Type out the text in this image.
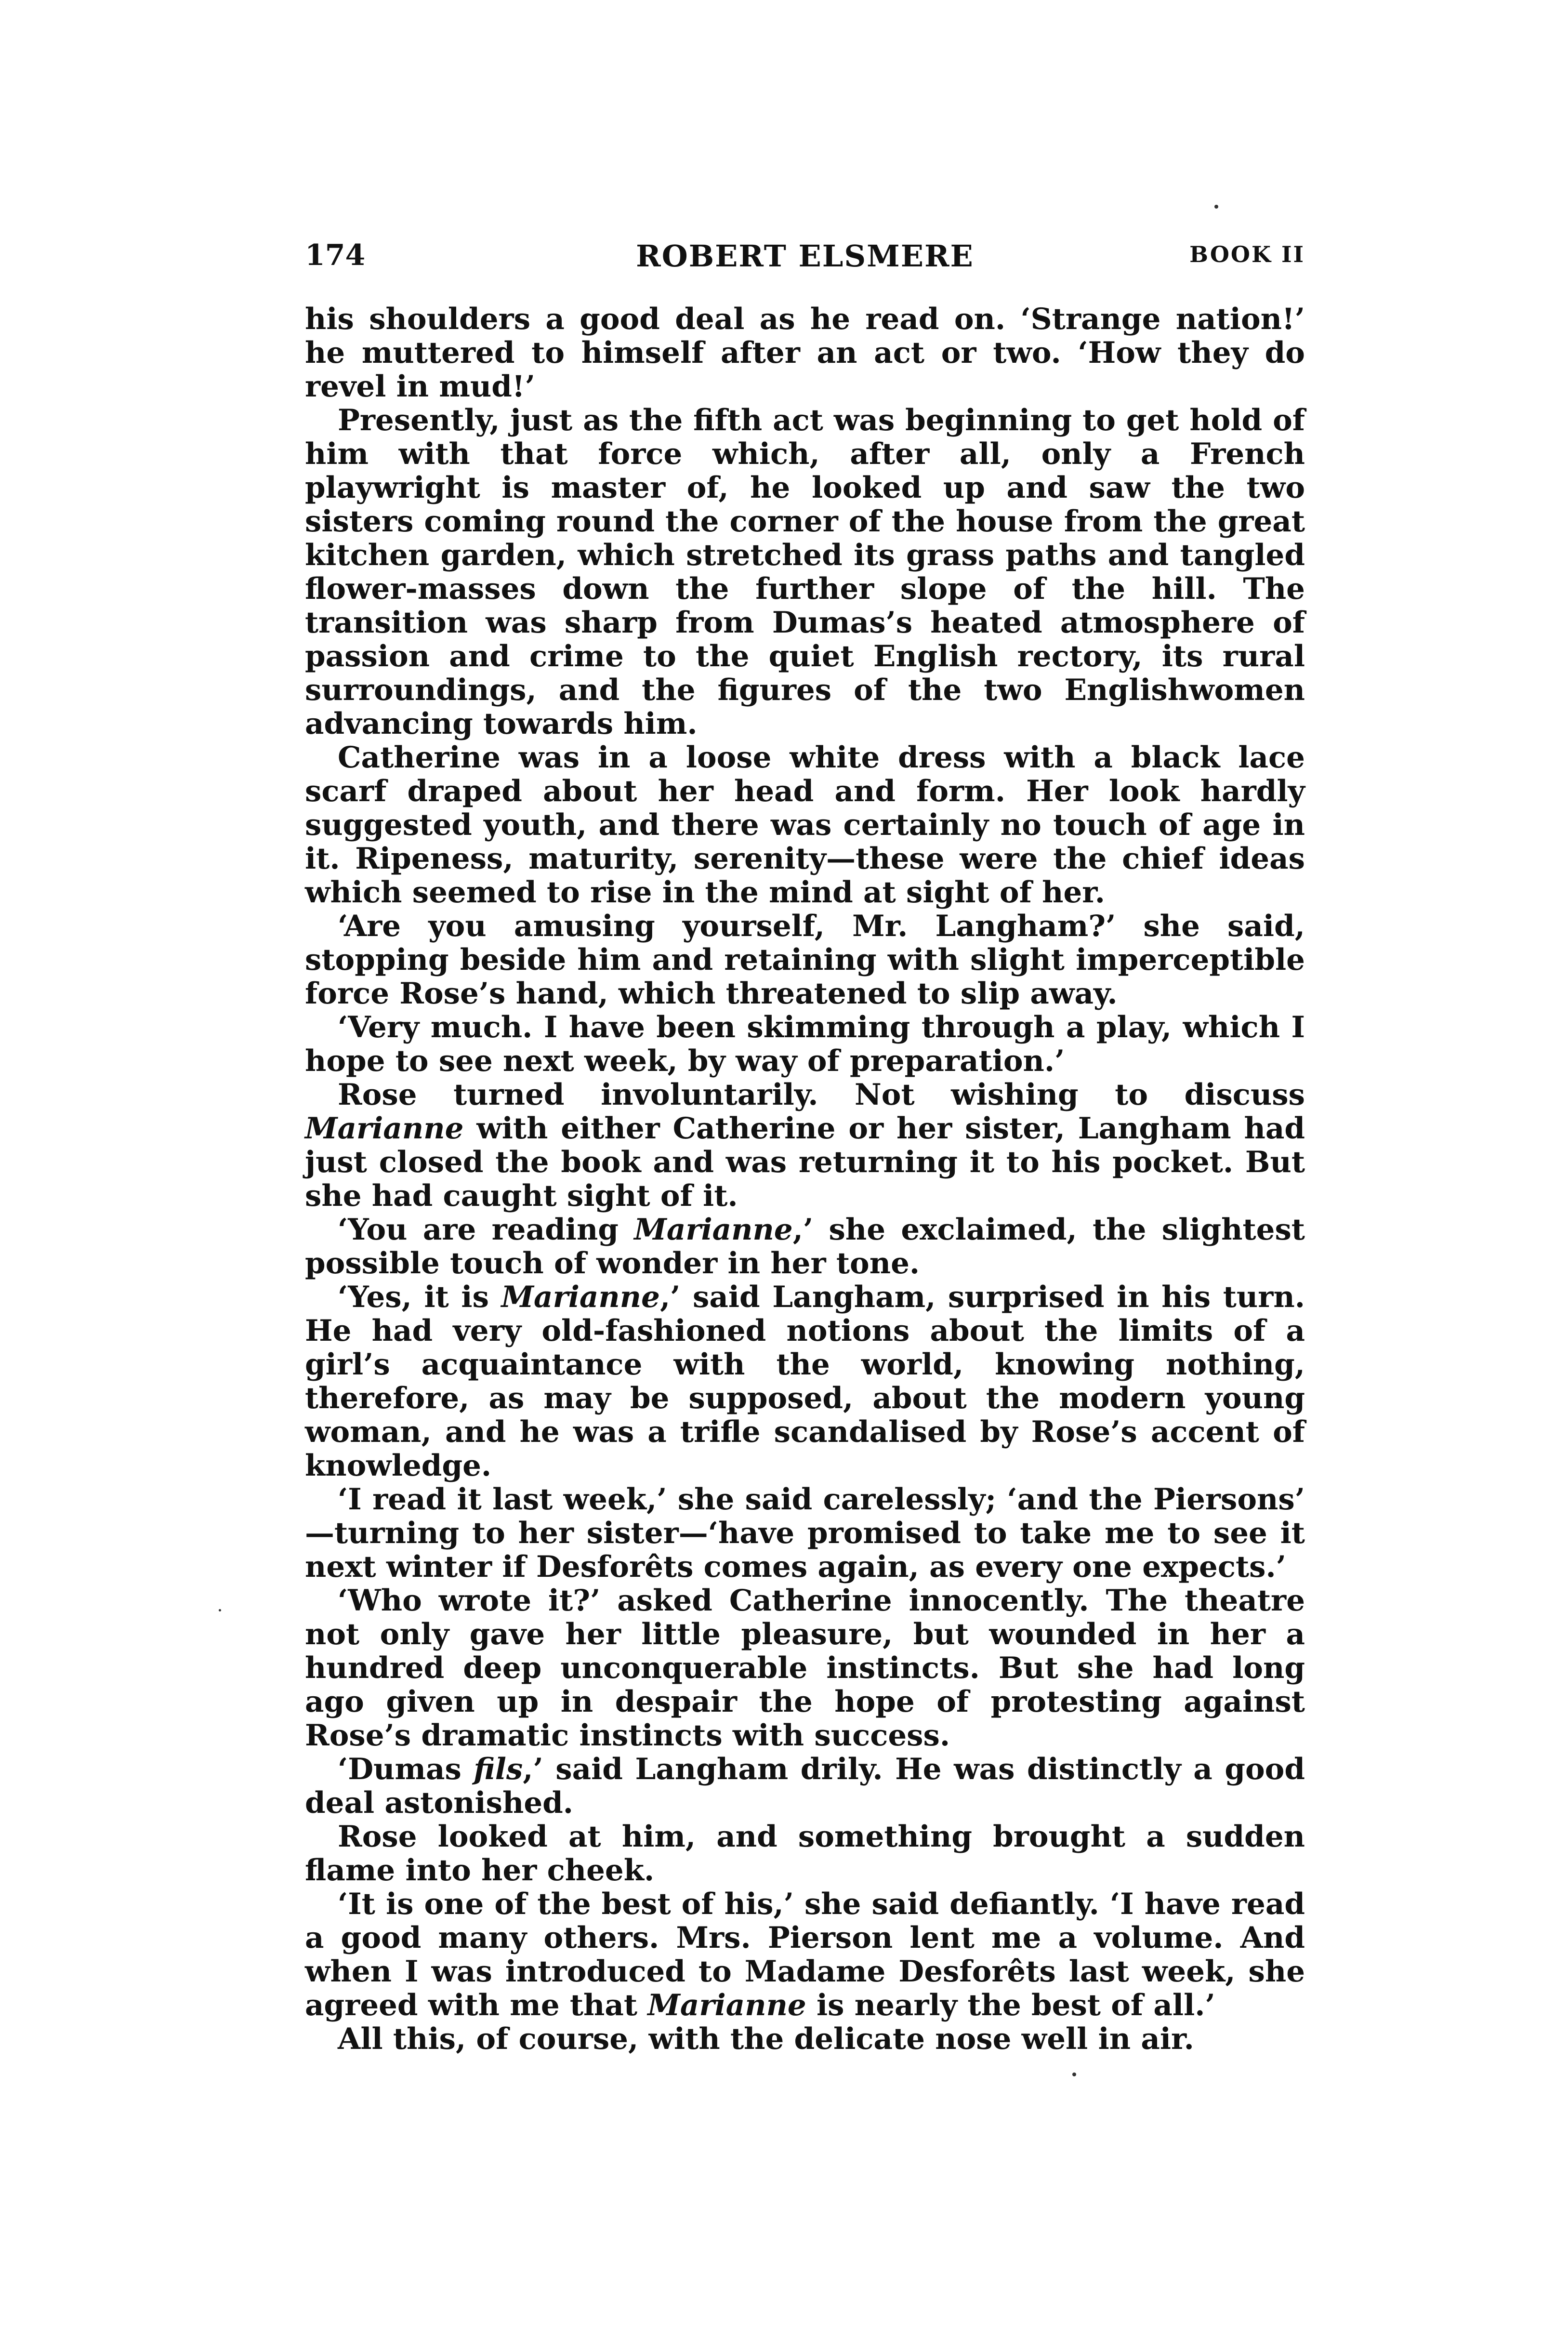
174	ROBERT ELSMERE	BOOK II

his shoulders a good deal as he read on. ‘Strange nation!’ he muttered to himself after an act or two. ‘How they do revel in mud!’

Presently, just as the fifth act was beginning to get hold of him with that force which, after all, only a French playwright is master of, he looked up and saw the two sisters coming round the corner of the house from the great kitchen garden, which stretched its grass paths and tangled flower-masses down the further slope of the hill. The transition was sharp from Dumas’s heated atmosphere of passion and crime to the quiet English rectory, its rural surroundings, and the figures of the two Englishwomen advancing towards him.

Catherine was in a loose white dress with a black lace scarf draped about her head and form. Her look hardly suggested youth, and there was certainly no touch of age in it. Ripeness, maturity, serenity—these were the chief ideas which seemed to rise in the mind at sight of her.

‘Are you amusing yourself, Mr. Langham?’ she said, stopping beside him and retaining with slight imperceptible force Rose’s hand, which threatened to slip away.

‘Very much. I have been skimming through a play, which I hope to see next week, by way of preparation.’

Rose turned involuntarily. Not wishing to discuss Marianne with either Catherine or her sister, Langham had just closed the book and was returning it to his pocket. But she had caught sight of it.

‘You are reading Marianne,’ she exclaimed, the slightest possible touch of wonder in her tone.

‘Yes, it is Marianne,’ said Langham, surprised in his turn. He had very old-fashioned notions about the limits of a girl’s acquaintance with the world, knowing nothing, therefore, as may be supposed, about the modern young woman, and he was a trifle scandalised by Rose’s accent of knowledge.

‘I read it last week,’ she said carelessly; ‘and the Piersons’ —turning to her sister—‘have promised to take me to see it next winter if Desforêts comes again, as every one expects.’

‘Who wrote it?’ asked Catherine innocently. The theatre not only gave her little pleasure, but wounded in her a hundred deep unconquerable instincts. But she had long ago given up in despair the hope of protesting against Rose’s dramatic instincts with success.

‘Dumas fils,’ said Langham drily. He was distinctly a good deal astonished.

Rose looked at him, and something brought a sudden flame into her cheek.

‘It is one of the best of his,’ she said defiantly. ‘I have read a good many others. Mrs. Pierson lent me a volume. And when I was introduced to Madame Desforêts last week, she agreed with me that Marianne is nearly the best of all.’

All this, of course, with the delicate nose well in air.
